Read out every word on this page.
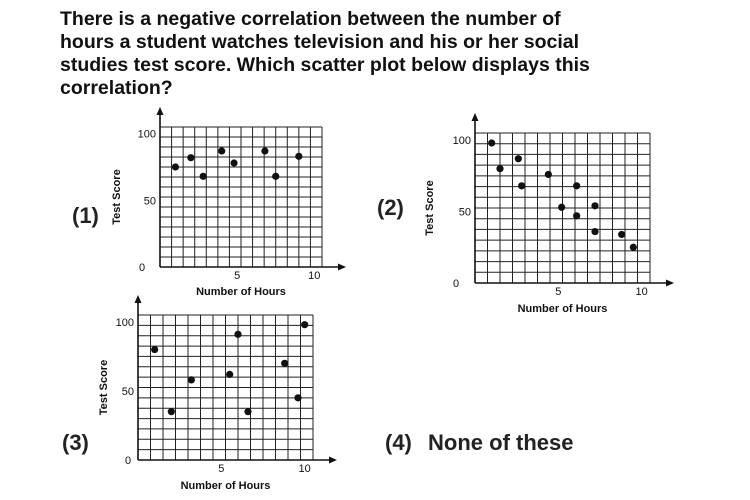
There is a negative correlation between the number of
hours a student watches television and his or her social
studies test score. Which scatter plot below displays this
correlation?
50
100
0
5	10
Number of Hours
Test Score	50
100
0
5	10
Number of Hours
Test Score
50
100
0
5	10
Number of Hours
Test Score
(1)	(2)
(3)	(4) None of these
